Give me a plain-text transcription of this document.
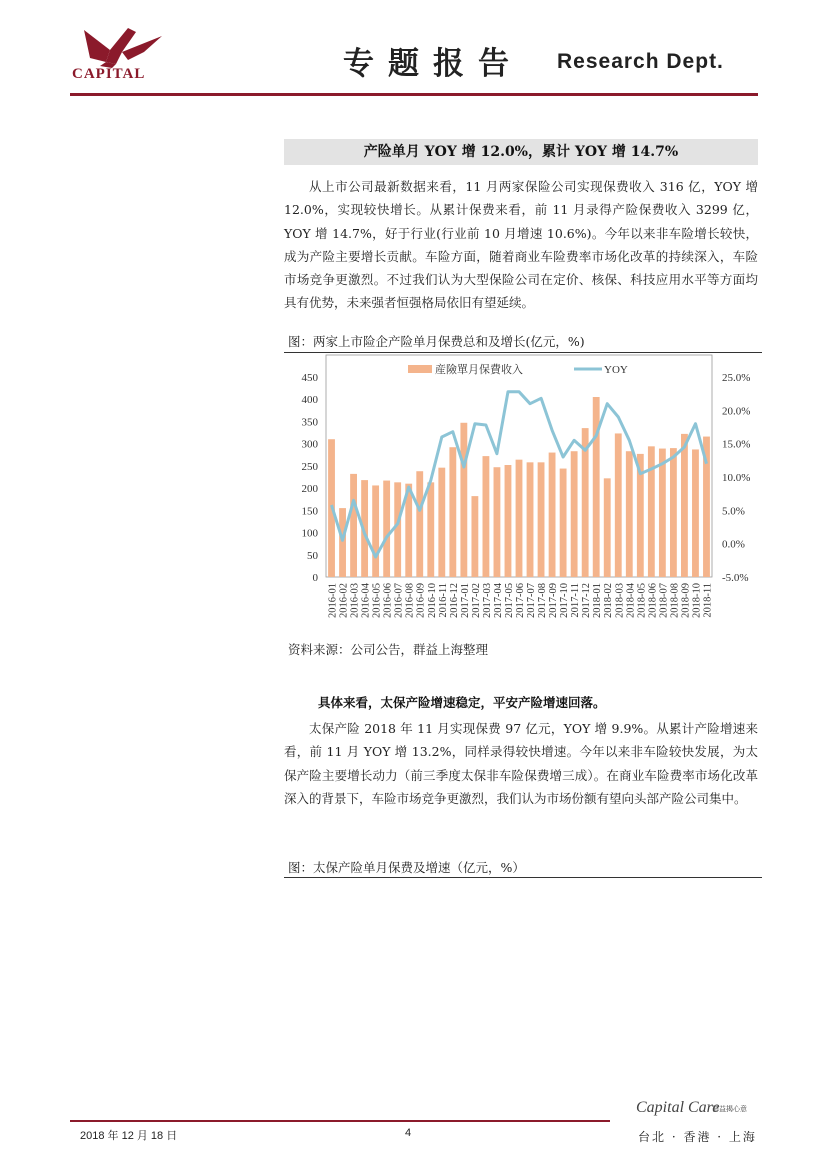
CAPITAL	专题报告 Research Dept.
产险单月 YOY 增 12.0%，累计 YOY 增 14.7%

从上市公司最新数据来看，11 月两家保险公司实现保费收入 316 亿，YOY 增 12.0%，实现较快增长。从累计保费来看，前 11 月录得产险保费收入 3299 亿，YOY 增 14.7%，好于行业(行业前 10 月增速 10.6%)。今年以来非车险增长较快，成为产险主要增长贡献。车险方面，随着商业车险费率市场化改革的持续深入，车险市场竞争更激烈。不过我们认为大型保险公司在定价、核保、科技应用水平等方面均具有优势，未来强者恒强格局依旧有望延续。

图：两家上市险企产险单月保费总和及增长(亿元，%)
0
50
100
150
200
250
300
350
400
450
-5.0%
0.0%
5.0%
10.0%
15.0%
20.0%
25.0%
2016-01 2016-02 2016-03 2016-04 2016-05 2016-06 2016-07 2016-08 2016-09 2016-10 2016-11 2016-12 2017-01 2017-02 2017-03 2017-04 2017-05 2017-06 2017-07 2017-08 2017-09 2017-10 2017-11 2017-12 2018-01 2018-02 2018-03 2018-04 2018-05 2018-06 2018-07 2018-08 2018-09 2018-10 2018-11
産險單月保費收入	YOY
资料来源：公司公告，群益上海整理
具体来看，太保产险增速稳定，平安产险增速回落。

太保产险 2018 年 11 月实现保费 97 亿元，YOY 增 9.9%。从累计产险增速来看，前 11 月 YOY 增 13.2%，同样录得较快增速。今年以来非车险较快发展，为太保产险主要增长动力（前三季度太保非车险保费增三成）。在商业车险费率市场化改革深入的背景下，车险市场竞争更激烈，我们认为市场份额有望向头部产险公司集中。

图：太保产险单月保费及增速（亿元，%）
Capital Care
群益揭心意
2018 年 12 月 18 日	4	台北 · 香港 · 上海
